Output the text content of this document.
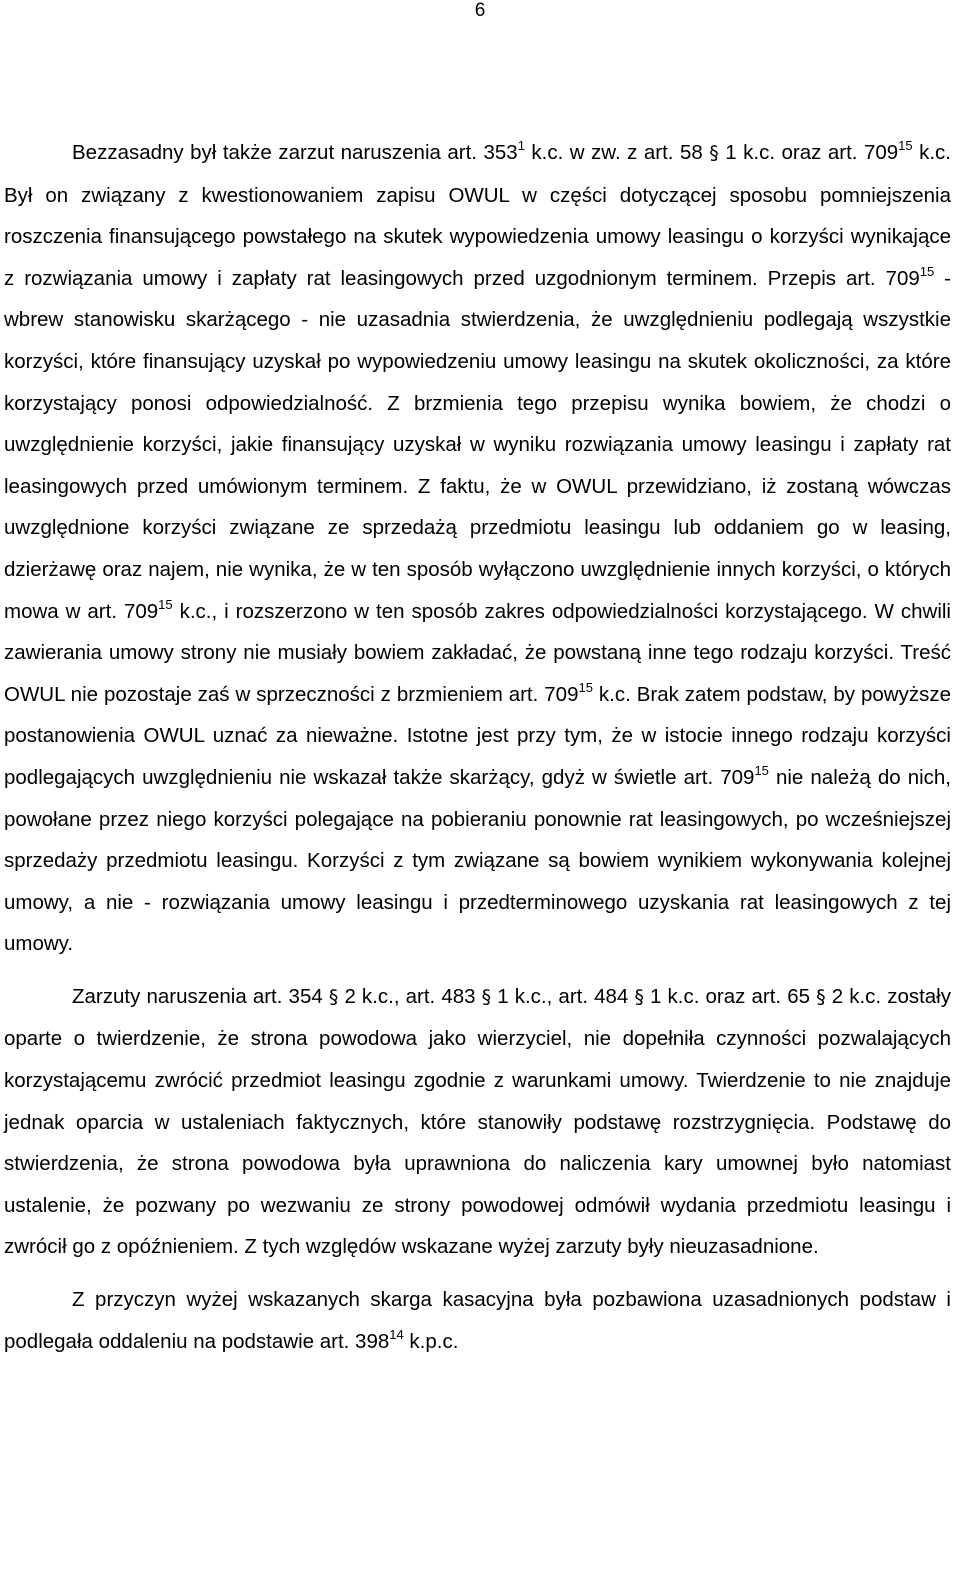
6

Bezzasadny był także zarzut naruszenia art. $353^1$ k.c. w zw. z art. 58 § 1 k.c. oraz art. $709^{15}$ k.c. Był on związany z kwestionowaniem zapisu OWUL w części dotyczącej sposobu pomniejszenia roszczenia finansującego powstałego na skutek wypowiedzenia umowy leasingu o korzyści wynikające z rozwiązania umowy i zapłaty rat leasingowych przed uzgodnionym terminem. Przepis art. $709^{15}$ - wbrew stanowisku skarżącego - nie uzasadnia stwierdzenia, że uwzględnieniu podlegają wszystkie korzyści, które finansujący uzyskał po wypowiedzeniu umowy leasingu na skutek okoliczności, za które korzystający ponosi odpowiedzialność. Z brzmienia tego przepisu wynika bowiem, że chodzi o uwzględnienie korzyści, jakie finansujący uzyskał w wyniku rozwiązania umowy leasingu i zapłaty rat leasingowych przed umówionym terminem. Z faktu, że w OWUL przewidziano, iż zostaną wówczas uwzględnione korzyści związane ze sprzedażą przedmiotu leasingu lub oddaniem go w leasing, dzierżawę oraz najem, nie wynika, że w ten sposób wyłączono uwzględnienie innych korzyści, o których mowa w art. $709^{15}$ k.c., i rozszerzono w ten sposób zakres odpowiedzialności korzystającego. W chwili zawierania umowy strony nie musiały bowiem zakładać, że powstaną inne tego rodzaju korzyści. Treść OWUL nie pozostaje zaś w sprzeczności z brzmieniem art. $709^{15}$ k.c. Brak zatem podstaw, by powyższe postanowienia OWUL uznać za nieważne. Istotne jest przy tym, że w istocie innego rodzaju korzyści podlegających uwzględnieniu nie wskazał także skarżący, gdyż w świetle art. $709^{15}$ nie należą do nich, powołane przez niego korzyści polegające na pobieraniu ponownie rat leasingowych, po wcześniejszej sprzedaży przedmiotu leasingu. Korzyści z tym związane są bowiem wynikiem wykonywania kolejnej umowy, a nie - rozwiązania umowy leasingu i przedterminowego uzyskania rat leasingowych z tej umowy.

Zarzuty naruszenia art. 354 § 2 k.c., art. 483 § 1 k.c., art. 484 § 1 k.c. oraz art. 65 § 2 k.c. zostały oparte o twierdzenie, że strona powodowa jako wierzyciel, nie dopełniła czynności pozwalających korzystającemu zwrócić przedmiot leasingu zgodnie z warunkami umowy. Twierdzenie to nie znajduje jednak oparcia w ustaleniach faktycznych, które stanowiły podstawę rozstrzygnięcia. Podstawę do stwierdzenia, że strona powodowa była uprawniona do naliczenia kary umownej było natomiast ustalenie, że pozwany po wezwaniu ze strony powodowej odmówił wydania przedmiotu leasingu i zwrócił go z opóźnieniem. Z tych względów wskazane wyżej zarzuty były nieuzasadnione.

Z przyczyn wyżej wskazanych skarga kasacyjna była pozbawiona uzasadnionych podstaw i podlegała oddaleniu na podstawie art. $398^{14}$ k.p.c.
